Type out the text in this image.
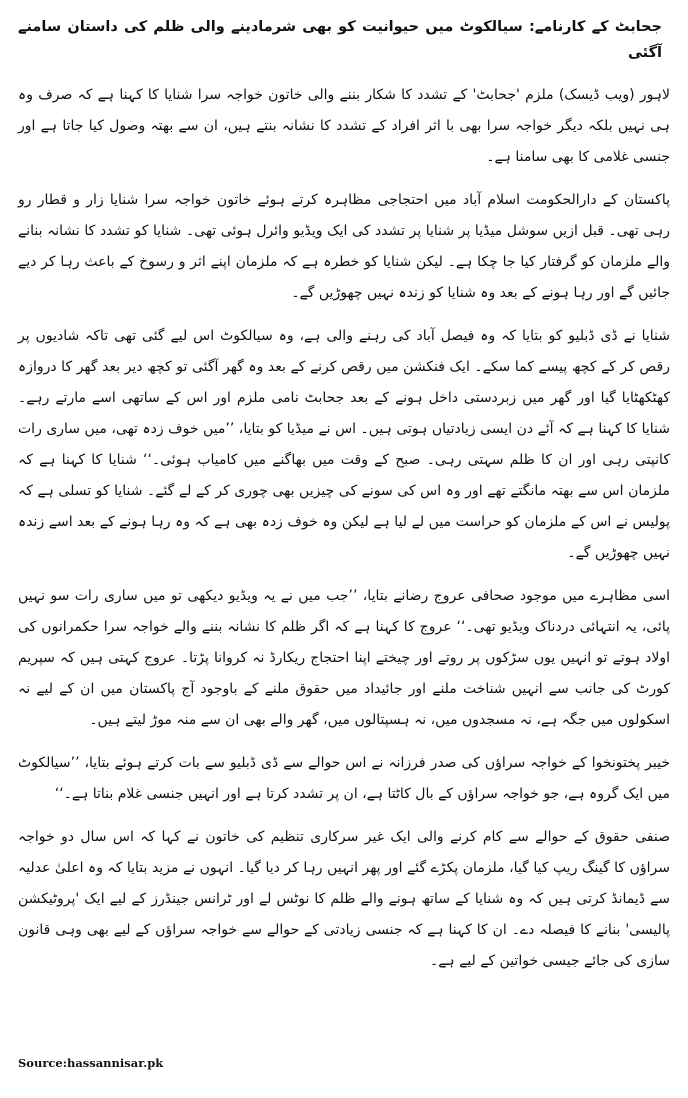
جحابٹ کے کارنامے: سیالکوٹ میں حیوانیت کو بھی شرمادینے والی ظلم کی داستان سامنے آگئی

لاہور (ویب ڈیسک) ملزم 'جحابٹ' کے تشدد کا شکار بننے والی خاتون خواجہ سرا شنایا کا کہنا ہے کہ صرف وہ ہی نہیں بلکہ دیگر خواجہ سرا بھی با اثر افراد کے تشدد کا نشانہ بنتے ہیں، ان سے بھتہ وصول کیا جاتا ہے اور جنسی غلامی کا بھی سامنا ہے۔

پاکستان کے دارالحکومت اسلام آباد میں احتجاجی مظاہرہ کرتے ہوئے خاتون خواجہ سرا شنایا زار و قطار رو رہی تھی۔ قبل ازیں سوشل میڈیا پر شنایا پر تشدد کی ایک ویڈیو وائرل ہوئی تھی۔ شنایا کو تشدد کا نشانہ بنانے والے ملزمان کو گرفتار کیا جا چکا ہے۔ لیکن شنایا کو خطرہ ہے کہ ملزمان اپنے اثر و رسوخ کے باعث رہا کر دیے جائیں گے اور رہا ہونے کے بعد وہ شنایا کو زندہ نہیں چھوڑیں گے۔

شنایا نے ڈی ڈبلیو کو بتایا کہ وہ فیصل آباد کی رہنے والی ہے، وہ سیالکوٹ اس لیے گئی تھی تاکہ شادیوں پر رقص کر کے کچھ پیسے کما سکے۔ ایک فنکشن میں رقص کرنے کے بعد وہ گھر آگئی تو کچھ دیر بعد گھر کا دروازہ کھٹکھٹایا گیا اور گھر میں زبردستی داخل ہونے کے بعد جحابٹ نامی ملزم اور اس کے ساتھی اسے مارتے رہے۔ شنایا کا کہنا ہے کہ آئے دن ایسی زیادتیاں ہوتی ہیں۔ اس نے میڈیا کو بتایا، ’’میں خوف زدہ تھی، میں ساری رات کانپتی رہی اور ان کا ظلم سہتی رہی۔ صبح کے وقت میں بھاگنے میں کامیاب ہوئی۔‘‘ شنایا کا کہنا ہے کہ ملزمان اس سے بھتہ مانگتے تھے اور وہ اس کی سونے کی چیزیں بھی چوری کر کے لے گئے۔ شنایا کو تسلی ہے کہ پولیس نے اس کے ملزمان کو حراست میں لے لیا ہے لیکن وہ خوف زدہ بھی ہے کہ وہ رہا ہونے کے بعد اسے زندہ نہیں چھوڑیں گے۔

اسی مظاہرے میں موجود صحافی عروج رضانے بتایا، ’’جب میں نے یہ ویڈیو دیکھی تو میں ساری رات سو نہیں پائی، یہ انتہائی دردناک ویڈیو تھی۔‘‘ عروج کا کہنا ہے کہ اگر ظلم کا نشانہ بننے والے خواجہ سرا حکمرانوں کی اولاد ہوتے تو انہیں یوں سڑکوں پر روتے اور چیختے اپنا احتجاج ریکارڈ نہ کروانا پڑتا۔ عروج کہتی ہیں کہ سپریم کورٹ کی جانب سے انہیں شناخت ملنے اور جائیداد میں حقوق ملنے کے باوجود آج پاکستان میں ان کے لیے نہ اسکولوں میں جگہ ہے، نہ مسجدوں میں، نہ ہسپتالوں میں، گھر والے بھی ان سے منہ موڑ لیتے ہیں۔

خیبر پختونخوا کے خواجہ سراؤں کی صدر فرزانہ نے اس حوالے سے ڈی ڈبلیو سے بات کرتے ہوئے بتایا، ’’سیالکوٹ میں ایک گروہ ہے، جو خواجہ سراؤں کے بال کاٹتا ہے، ان پر تشدد کرتا ہے اور انہیں جنسی غلام بناتا ہے۔‘‘

صنفی حقوق کے حوالے سے کام کرنے والی ایک غیر سرکاری تنظیم کی خاتون نے کہا کہ اس سال دو خواجہ سراؤں کا گینگ ریپ کیا گیا، ملزمان پکڑے گئے اور پھر انہیں رہا کر دیا گیا۔ انہوں نے مزید بتایا کہ وہ اعلیٰ عدلیہ سے ڈیمانڈ کرتی ہیں کہ وہ شنایا کے ساتھ ہونے والے ظلم کا نوٹس لے اور ٹرانس جینڈرز کے لیے ایک 'پروٹیکشن پالیسی' بنانے کا فیصلہ دے۔ ان کا کہنا ہے کہ جنسی زیادتی کے حوالے سے خواجہ سراؤں کے لیے بھی وہی قانون سازی کی جائے جیسی خواتین کے لیے ہے۔

Source:hassannisar.pk
